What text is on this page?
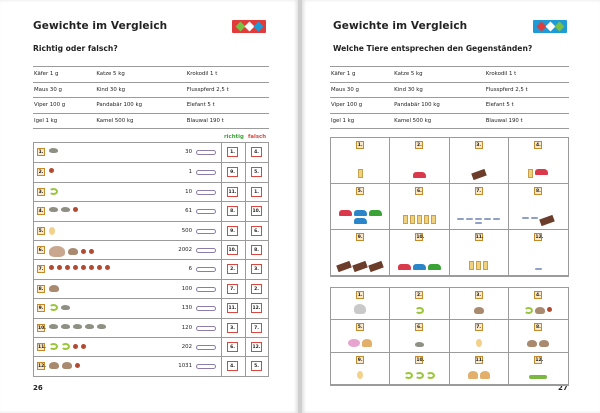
Gewichte im Vergleich
Richtig oder falsch?
Käfer 1 g	Katze 5 kg	Krokodil 1 t
Maus 30 g	Kind 30 kg	Flusspferd 2,5 t
Viper 100 g	Pandabär 100 kg	Elefant 5 t
Igel 1 kg	Kamel 500 kg	Blauwal 190 t
richtig falsch
1.	30	1.	4.
2.	1	9.	5.
3.	10	11.	1.
4.	61	8.	10.
5.	500	9.	6.
6.	2002	10.	8.
7.	6	2.	3.
8.	100	7.	2.
9.	130	11.	12.
10.	120	3.	7.
11.	202	6.	12.
12.	1031	4.	5.
26
Gewichte im Vergleich
Welche Tiere entsprechen den Gegenständen?
Käfer 1 g	Katze 5 kg	Krokodil 1 t
Maus 30 g	Kind 30 kg	Flusspferd 2,5 t
Viper 100 g	Pandabär 100 kg	Elefant 5 t
Igel 1 kg	Kamel 500 kg	Blauwal 190 t
27
1.	2.	3.	4.
5.	6.	7.	8.
9.	10.	11.	12.
1.	2.	3.	4.
5.	6.	7.	8.
9.	10.	11.	12.
